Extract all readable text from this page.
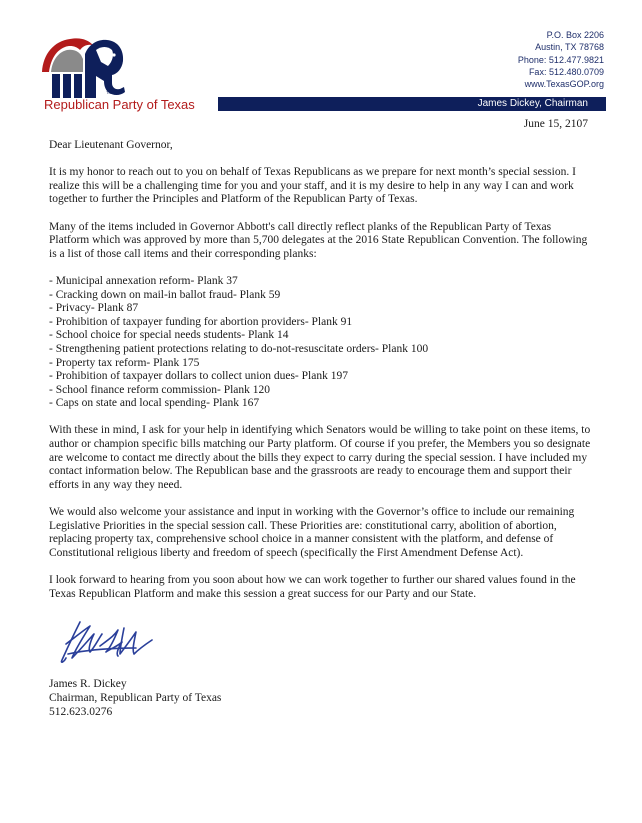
TM
Republican Party of Texas
P.O. Box 2206
Austin, TX 78768
Phone: 512.477.9821
Fax: 512.480.0709
www.TexasGOP.org
James Dickey, Chairman
June 15, 2107

Dear Lieutenant Governor,

It is my honor to reach out to you on behalf of Texas Republicans as we prepare for next month’s special session. I realize this will be a challenging time for you and your staff, and it is my desire to help in any way I can and work together to further the Principles and Platform of the Republican Party of Texas.

Many of the items included in Governor Abbott's call directly reflect planks of the Republican Party of Texas Platform which was approved by more than 5,700 delegates at the 2016 State Republican Convention. The following is a list of those call items and their corresponding planks:

- Municipal annexation reform- Plank 37
- Cracking down on mail-in ballot fraud- Plank 59
- Privacy- Plank 87
- Prohibition of taxpayer funding for abortion providers- Plank 91
- School choice for special needs students- Plank 14
- Strengthening patient protections relating to do-not-resuscitate orders- Plank 100
- Property tax reform- Plank 175
- Prohibition of taxpayer dollars to collect union dues- Plank 197
- School finance reform commission- Plank 120
- Caps on state and local spending- Plank 167

With these in mind, I ask for your help in identifying which Senators would be willing to take point on these items, to author or champion specific bills matching our Party platform. Of course if you prefer, the Members you so designate are welcome to contact me directly about the bills they expect to carry during the special session. I have included my contact information below. The Republican base and the grassroots are ready to encourage them and support their efforts in any way they need.

We would also welcome your assistance and input in working with the Governor’s office to include our remaining Legislative Priorities in the special session call. These Priorities are: constitutional carry, abolition of abortion, replacing property tax, comprehensive school choice in a manner consistent with the platform, and defense of Constitutional religious liberty and freedom of speech (specifically the First Amendment Defense Act).

I look forward to hearing from you soon about how we can work together to further our shared values found in the Texas Republican Platform and make this session a great success for our Party and our State.

James R. Dickey
Chairman, Republican Party of Texas
512.623.0276
